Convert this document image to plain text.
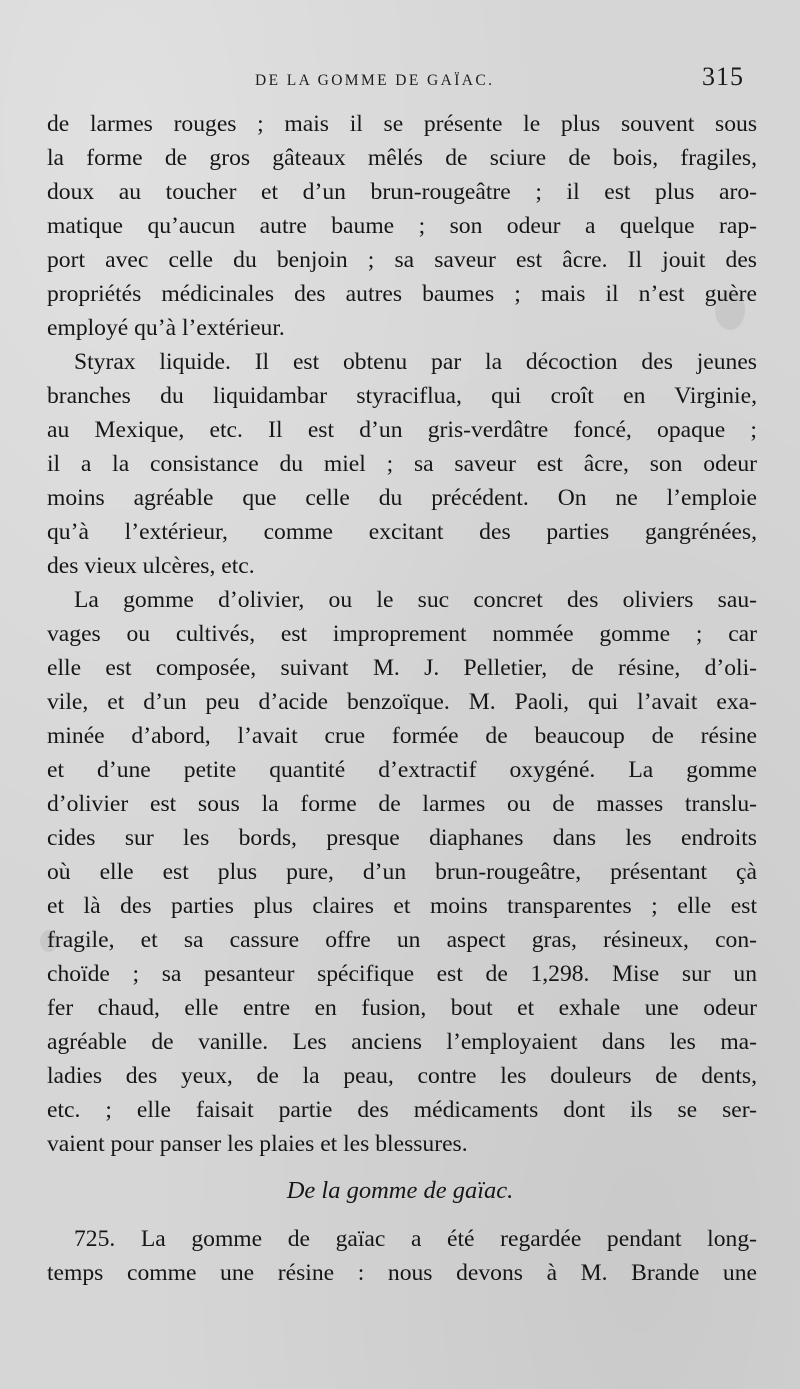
DE LA GOMME DE GAÏAC.	315
de larmes rouges ; mais il se présente le plus souvent sous
la forme de gros gâteaux mêlés de sciure de bois, fragiles,
doux au toucher et d’un brun-rougeâtre ; il est plus aro-
matique qu’aucun autre baume ; son odeur a quelque rap-
port avec celle du benjoin ; sa saveur est âcre. Il jouit des
propriétés médicinales des autres baumes ; mais il n’est guère
employé qu’à l’extérieur.
Styrax liquide. Il est obtenu par la décoction des jeunes
branches du liquidambar styraciflua, qui croît en Virginie,
au Mexique, etc. Il est d’un gris-verdâtre foncé, opaque ;
il a la consistance du miel ; sa saveur est âcre, son odeur
moins agréable que celle du précédent. On ne l’emploie
qu’à l’extérieur, comme excitant des parties gangrénées,
des vieux ulcères, etc.
La gomme d’olivier, ou le suc concret des oliviers sau-
vages ou cultivés, est improprement nommée gomme ; car
elle est composée, suivant M. J. Pelletier, de résine, d’oli-
vile, et d’un peu d’acide benzoïque. M. Paoli, qui l’avait exa-
minée d’abord, l’avait crue formée de beaucoup de résine
et d’une petite quantité d’extractif oxygéné. La gomme
d’olivier est sous la forme de larmes ou de masses translu-
cides sur les bords, presque diaphanes dans les endroits
où elle est plus pure, d’un brun-rougeâtre, présentant çà
et là des parties plus claires et moins transparentes ; elle est
fragile, et sa cassure offre un aspect gras, résineux, con-
choïde ; sa pesanteur spécifique est de 1,298. Mise sur un
fer chaud, elle entre en fusion, bout et exhale une odeur
agréable de vanille. Les anciens l’employaient dans les ma-
ladies des yeux, de la peau, contre les douleurs de dents,
etc. ; elle faisait partie des médicaments dont ils se ser-
vaient pour panser les plaies et les blessures.
De la gomme de gaïac.
725. La gomme de gaïac a été regardée pendant long-
temps comme une résine : nous devons à M. Brande une
